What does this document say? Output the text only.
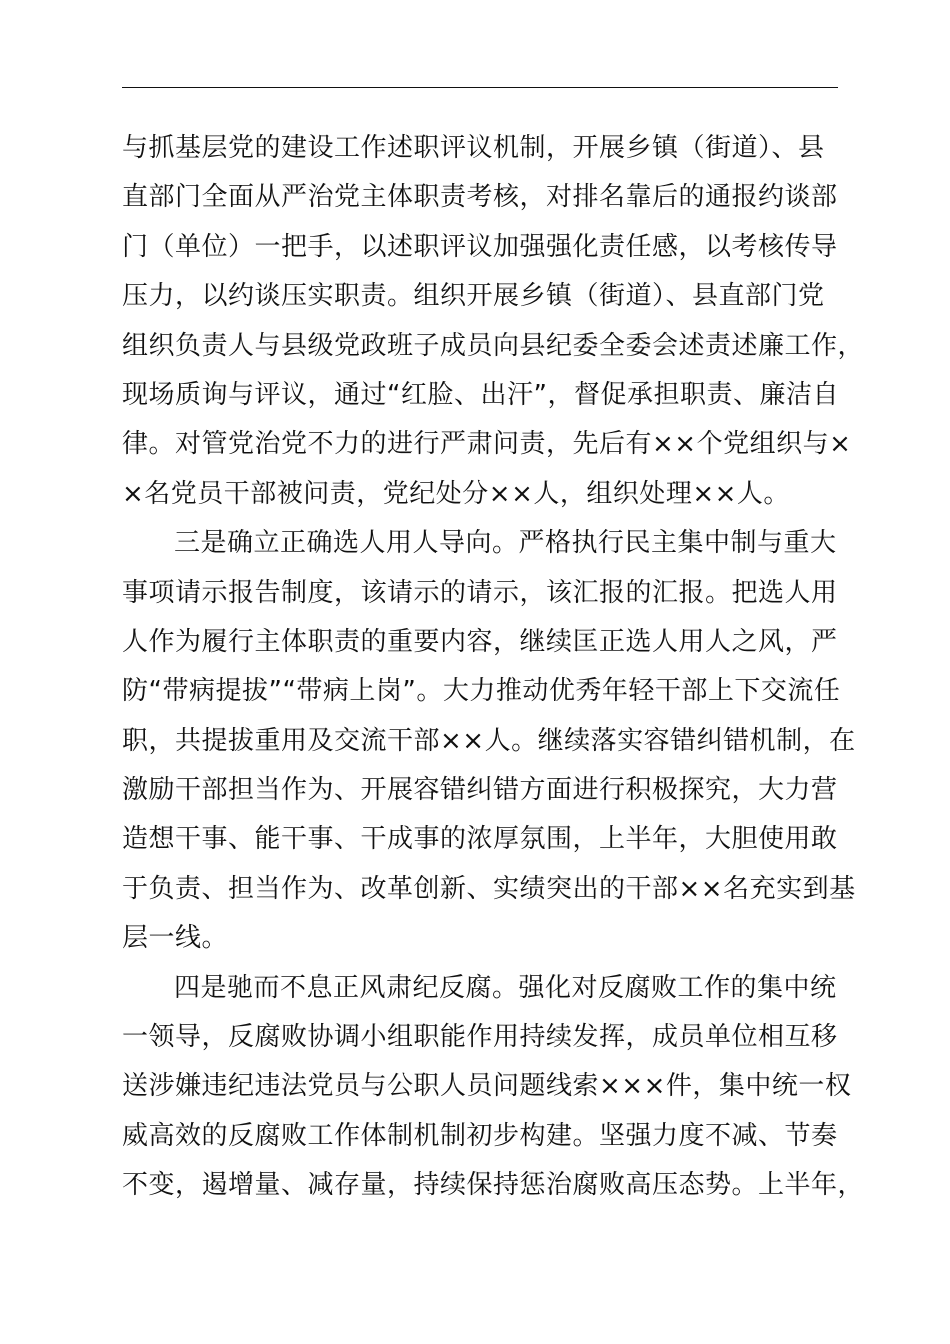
与抓基层党的建设工作述职评议机制，开展乡镇（街道）、县
直部门全面从严治党主体职责考核，对排名靠后的通报约谈部
门（单位）一把手，以述职评议加强强化责任感，以考核传导
压力，以约谈压实职责。组织开展乡镇（街道）、县直部门党
组织负责人与县级党政班子成员向县纪委全委会述责述廉工作，
现场质询与评议，通过“红脸、出汗”，督促承担职责、廉洁自
律。对管党治党不力的进行严肃问责，先后有××个党组织与×
×名党员干部被问责，党纪处分××人，组织处理××人。
三是确立正确选人用人导向。严格执行民主集中制与重大
事项请示报告制度，该请示的请示，该汇报的汇报。把选人用
人作为履行主体职责的重要内容，继续匡正选人用人之风，严
防“带病提拔”“带病上岗”。大力推动优秀年轻干部上下交流任
职，共提拔重用及交流干部××人。继续落实容错纠错机制，在
激励干部担当作为、开展容错纠错方面进行积极探究，大力营
造想干事、能干事、干成事的浓厚氛围，上半年，大胆使用敢
于负责、担当作为、改革创新、实绩突出的干部××名充实到基
层一线。
四是驰而不息正风肃纪反腐。强化对反腐败工作的集中统
一领导，反腐败协调小组职能作用持续发挥，成员单位相互移
送涉嫌违纪违法党员与公职人员问题线索×××件，集中统一权
威高效的反腐败工作体制机制初步构建。坚强力度不减、节奏
不变，遏增量、减存量，持续保持惩治腐败高压态势。上半年，
